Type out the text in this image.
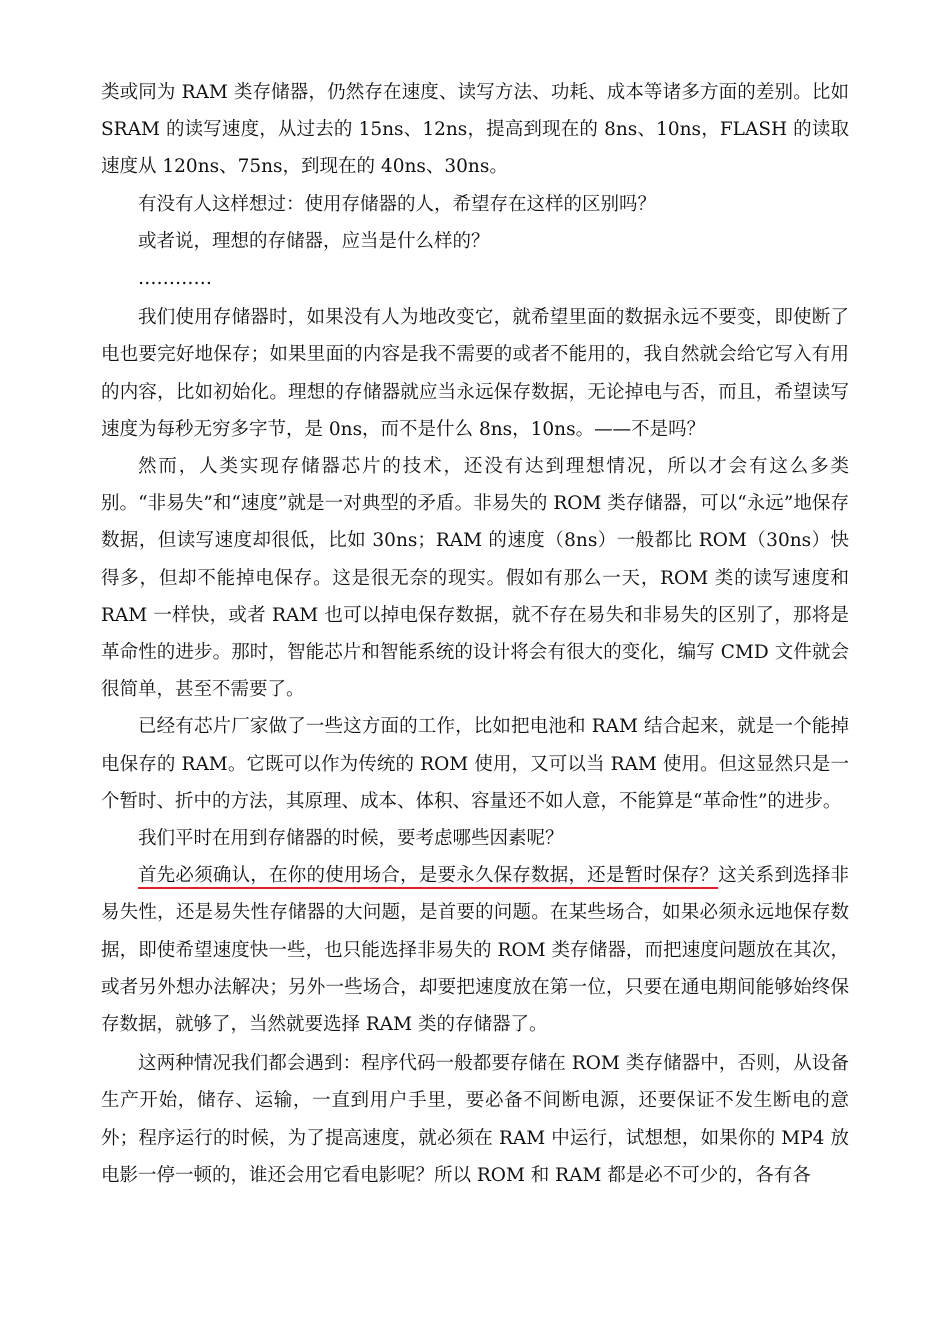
类或同为 RAM 类存储器，仍然存在速度、读写方法、功耗、成本等诸多方面的差别。比如 SRAM 的读写速度，从过去的 15ns、12ns，提高到现在的 8ns、10ns，FLASH 的读取速度从 120ns、75ns，到现在的 40ns、30ns。

有没有人这样想过：使用存储器的人，希望存在这样的区别吗？

或者说，理想的存储器，应当是什么样的？

…………

我们使用存储器时，如果没有人为地改变它，就希望里面的数据永远不要变，即使断了电也要完好地保存；如果里面的内容是我不需要的或者不能用的，我自然就会给它写入有用的内容，比如初始化。理想的存储器就应当永远保存数据，无论掉电与否，而且，希望读写速度为每秒无穷多字节，是 0ns，而不是什么 8ns，10ns。——不是吗？

然而，人类实现存储器芯片的技术，还没有达到理想情况，所以才会有这么多类别。“非易失”和“速度”就是一对典型的矛盾。非易失的 ROM 类存储器，可以“永远”地保存数据，但读写速度却很低，比如 30ns；RAM 的速度（8ns）一般都比 ROM（30ns）快得多，但却不能掉电保存。这是很无奈的现实。假如有那么一天，ROM 类的读写速度和 RAM 一样快，或者 RAM 也可以掉电保存数据，就不存在易失和非易失的区别了，那将是革命性的进步。那时，智能芯片和智能系统的设计将会有很大的变化，编写 CMD 文件就会很简单，甚至不需要了。

已经有芯片厂家做了一些这方面的工作，比如把电池和 RAM 结合起来，就是一个能掉电保存的 RAM。它既可以作为传统的 ROM 使用，又可以当 RAM 使用。但这显然只是一个暂时、折中的方法，其原理、成本、体积、容量还不如人意，不能算是“革命性”的进步。

我们平时在用到存储器的时候，要考虑哪些因素呢？

首先必须确认，在你的使用场合，是要永久保存数据，还是暂时保存？这关系到选择非易失性，还是易失性存储器的大问题，是首要的问题。在某些场合，如果必须永远地保存数据，即使希望速度快一些，也只能选择非易失的 ROM 类存储器，而把速度问题放在其次，或者另外想办法解决；另外一些场合，却要把速度放在第一位，只要在通电期间能够始终保存数据，就够了，当然就要选择 RAM 类的存储器了。

这两种情况我们都会遇到：程序代码一般都要存储在 ROM 类存储器中，否则，从设备生产开始，储存、运输，一直到用户手里，要必备不间断电源，还要保证不发生断电的意外；程序运行的时候，为了提高速度，就必须在 RAM 中运行，试想想，如果你的 MP4 放电影一停一顿的，谁还会用它看电影呢？所以 ROM 和 RAM 都是必不可少的，各有各
